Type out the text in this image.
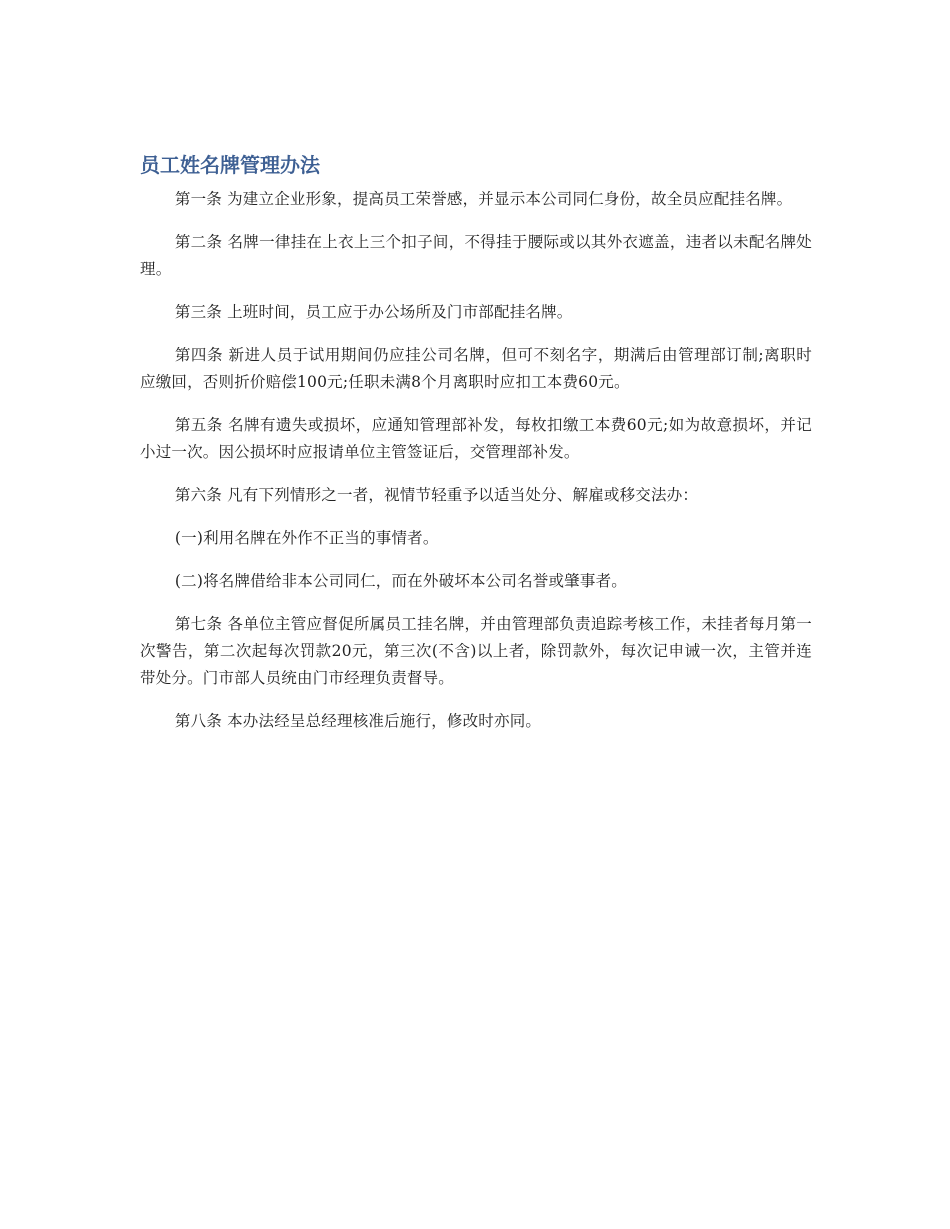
员工姓名牌管理办法

第一条 为建立企业形象，提高员工荣誉感，并显示本公司同仁身份，故全员应配挂名牌。

第二条 名牌一律挂在上衣上三个扣子间，不得挂于腰际或以其外衣遮盖，违者以未配名牌处理。

第三条 上班时间，员工应于办公场所及门市部配挂名牌。

第四条 新进人员于试用期间仍应挂公司名牌，但可不刻名字，期满后由管理部订制;离职时应缴回，否则折价赔偿100元;任职未满8个月离职时应扣工本费60元。

第五条 名牌有遗失或损坏，应通知管理部补发，每枚扣缴工本费60元;如为故意损坏，并记小过一次。因公损坏时应报请单位主管签证后，交管理部补发。

第六条 凡有下列情形之一者，视情节轻重予以适当处分、解雇或移交法办：

(一)利用名牌在外作不正当的事情者。

(二)将名牌借给非本公司同仁，而在外破坏本公司名誉或肇事者。

第七条 各单位主管应督促所属员工挂名牌，并由管理部负责追踪考核工作，未挂者每月第一次警告，第二次起每次罚款20元，第三次(不含)以上者，除罚款外，每次记申诫一次，主管并连带处分。门市部人员统由门市经理负责督导。

第八条 本办法经呈总经理核准后施行，修改时亦同。
